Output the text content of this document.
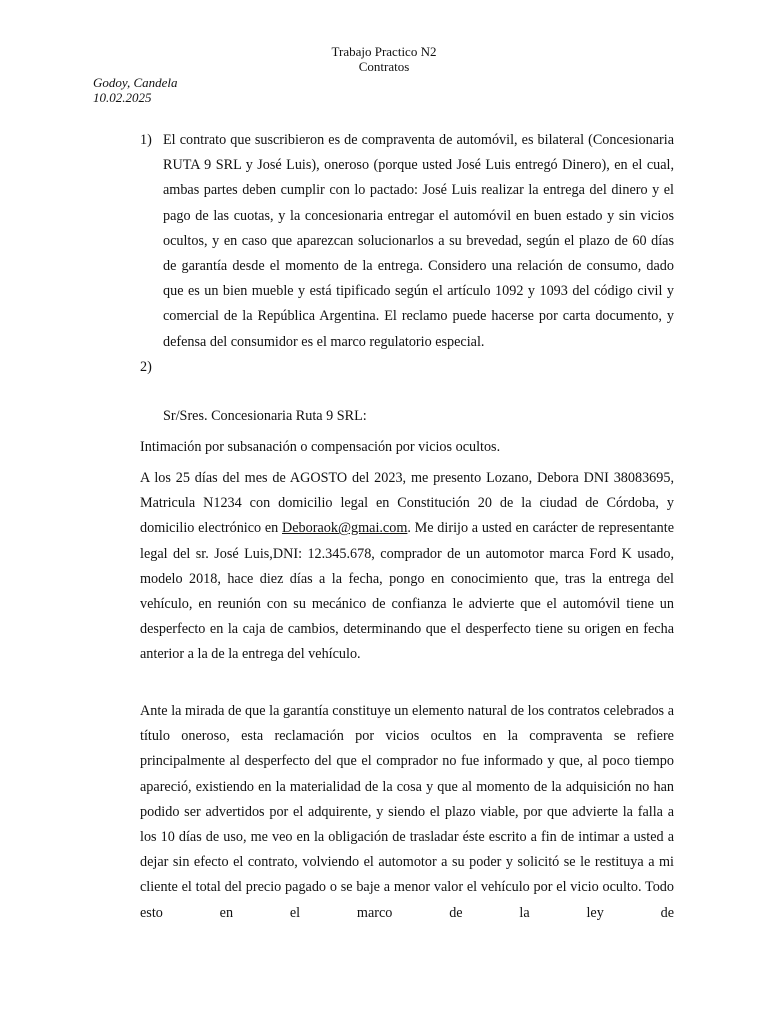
Trabajo Practico N2
Contratos
Godoy, Candela
10.02.2025
1) El contrato que suscribieron es de compraventa de automóvil, es bilateral (Concesionaria RUTA 9 SRL y José Luis), oneroso (porque usted José Luis entregó Dinero), en el cual, ambas partes deben cumplir con lo pactado: José Luis realizar la entrega del dinero y el pago de las cuotas, y la concesionaria entregar el automóvil en buen estado y sin vicios ocultos, y en caso que aparezcan solucionarlos a su brevedad, según el plazo de 60 días de garantía desde el momento de la entrega. Considero una relación de consumo, dado que es un bien mueble y está tipificado según el artículo 1092 y 1093 del código civil y comercial de la República Argentina. El reclamo puede hacerse por carta documento, y defensa del consumidor es el marco regulatorio especial.
2)
Sr/Sres. Concesionaria Ruta 9 SRL:

Intimación por subsanación o compensación por vicios ocultos.

A los 25 días del mes de AGOSTO del 2023, me presento Lozano, Debora DNI 38083695, Matricula N1234 con domicilio legal en Constitución 20 de la ciudad de Córdoba, y domicilio electrónico en Deboraok@gmai.com. Me dirijo a usted en carácter de representante legal del sr. José Luis,DNI: 12.345.678, comprador de un automotor marca Ford K usado, modelo 2018, hace diez días a la fecha, pongo en conocimiento que, tras la entrega del vehículo, en reunión con su mecánico de confianza le advierte que el automóvil tiene un desperfecto en la caja de cambios, determinando que el desperfecto tiene su origen en fecha anterior a la de la entrega del vehículo.

Ante la mirada de que la garantía constituye un elemento natural de los contratos celebrados a título oneroso, esta reclamación por vicios ocultos en la compraventa se refiere principalmente al desperfecto del que el comprador no fue informado y que, al poco tiempo apareció, existiendo en la materialidad de la cosa y que al momento de la adquisición no han podido ser advertidos por el adquirente, y siendo el plazo viable, por que advierte la falla a los 10 días de uso, me veo en la obligación de trasladar éste escrito a fin de intimar a usted a dejar sin efecto el contrato, volviendo el automotor a su poder y solicitó se le restituya a mi cliente el total del precio pagado o se baje a menor valor el vehículo por el vicio oculto. Todo esto en el marco de la ley de
